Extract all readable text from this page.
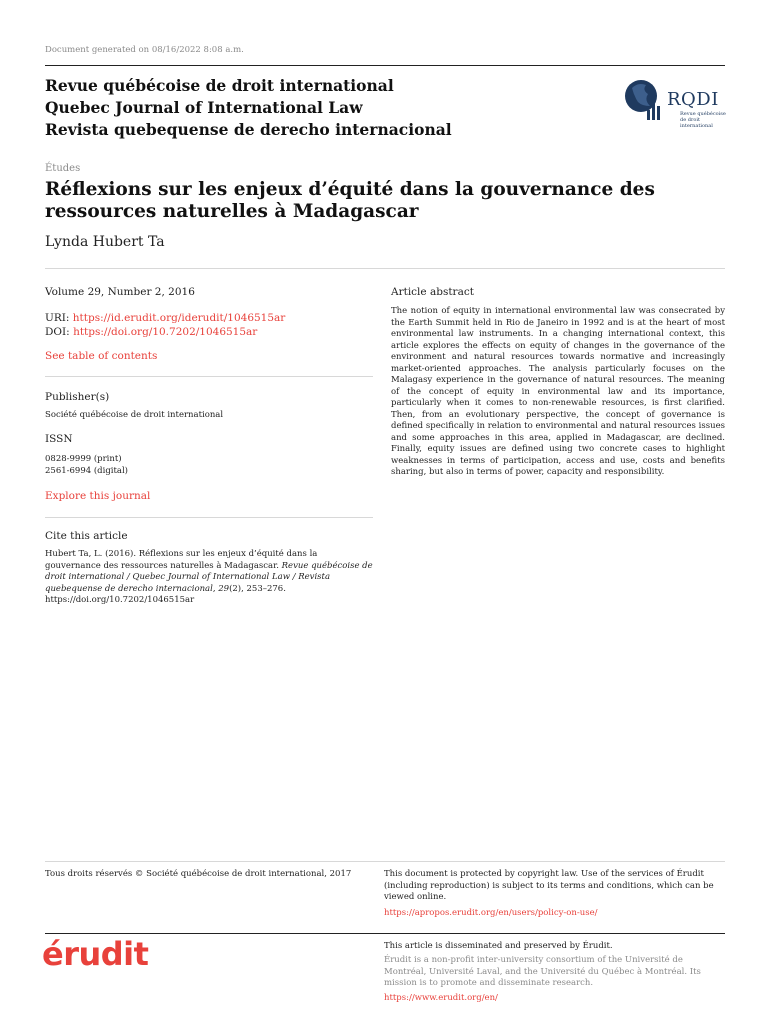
Document generated on 08/16/2022 8:08 a.m.
Revue québécoise de droit international
Quebec Journal of International Law
Revista quebequense de derecho internacional
RQDI
Revue québécoise
de droit international
Études
Réflexions sur les enjeux d’équité dans la gouvernance des
ressources naturelles à Madagascar
Lynda Hubert Ta
Volume 29, Number 2, 2016
URI: https://id.erudit.org/iderudit/1046515ar
DOI: https://doi.org/10.7202/1046515ar
See table of contents
Publisher(s)
Société québécoise de droit international
ISSN
0828-9999 (print)
2561-6994 (digital)
Explore this journal
Cite this article

Hubert Ta, L. (2016). Réflexions sur les enjeux d’équité dans la gouvernance des ressources naturelles à Madagascar. Revue québécoise de droit international / Quebec Journal of International Law / Revista quebequense de derecho internacional, 29(2), 253–276. https://doi.org/10.7202/1046515ar

Article abstract

The notion of equity in international environmental law was consecrated by the Earth Summit held in Rio de Janeiro in 1992 and is at the heart of most environmental law instruments. In a changing international context, this article explores the effects on equity of changes in the governance of the environment and natural resources towards normative and increasingly market-oriented approaches. The analysis particularly focuses on the Malagasy experience in the governance of natural resources. The meaning of the concept of equity in environmental law and its importance, particularly when it comes to non-renewable resources, is first clarified. Then, from an evolutionary perspective, the concept of governance is defined specifically in relation to environmental and natural resources issues and some approaches in this area, applied in Madagascar, are declined. Finally, equity issues are defined using two concrete cases to highlight weaknesses in terms of participation, access and use, costs and benefits sharing, but also in terms of power, capacity and responsibility.

Tous droits réservés © Société québécoise de droit international, 2017	This document is protected by copyright law. Use of the services of Érudit (including reproduction) is subject to its terms and conditions, which can be viewed online.

https://apropos.erudit.org/en/users/policy-on-use/
érudit	This article is disseminated and preserved by Érudit.

Érudit is a non-profit inter-university consortium of the Université de Montréal, Université Laval, and the Université du Québec à Montréal. Its mission is to promote and disseminate research.

https://www.erudit.org/en/
